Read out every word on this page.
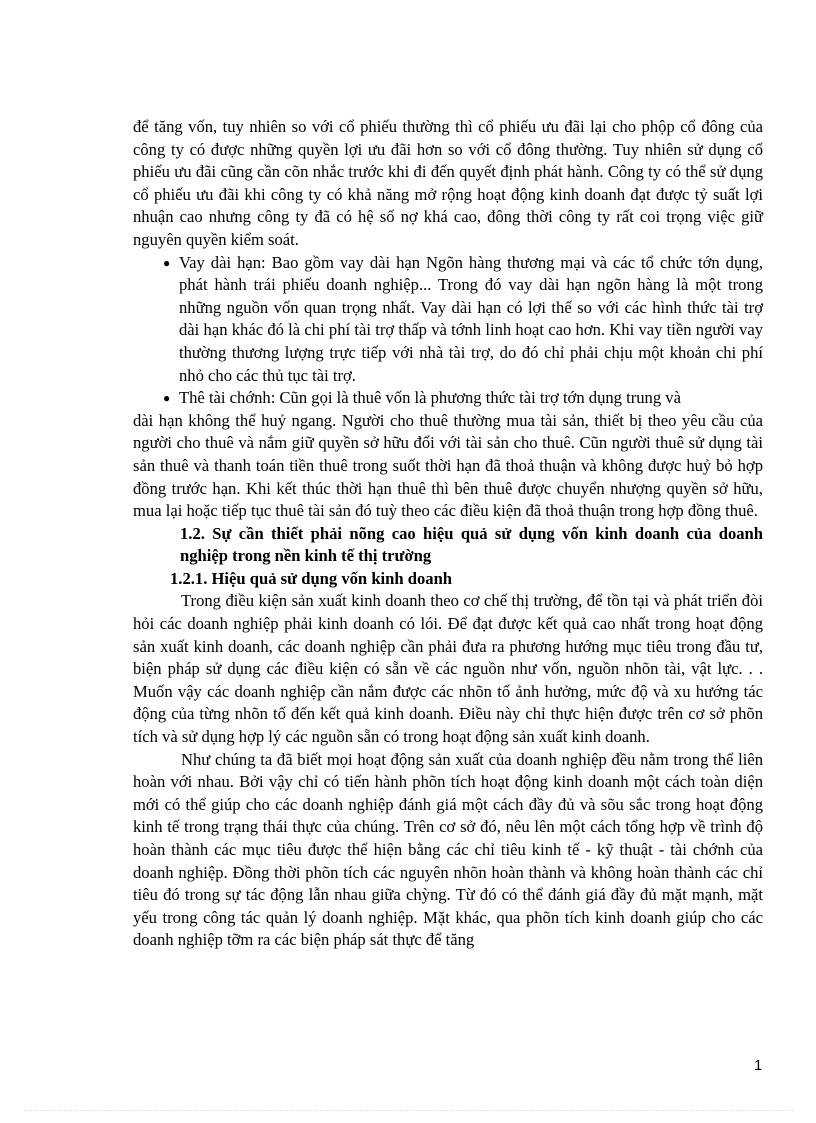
để tăng vốn, tuy nhiên so với cổ phiếu thường thì cổ phiếu ưu đãi lại cho phộp cổ đông của công ty có được những quyền lợi ưu đãi hơn so với cổ đông thường. Tuy nhiên sử dụng cổ phiếu ưu đãi cũng cần cõn nhắc trước khi đi đến quyết định phát hành. Công ty có thể sử dụng cổ phiếu ưu đãi khi công ty có khả năng mở rộng hoạt động kinh doanh đạt được tỷ suất lợi nhuận cao nhưng công ty đã có hệ số nợ khá cao, đông thời công ty rất coi trọng việc giữ nguyên quyền kiểm soát.

● Vay dài hạn: Bao gồm vay dài hạn Ngõn hàng thương mại và các tổ chức tớn dụng, phát hành trái phiếu doanh nghiệp... Trong đó vay dài hạn ngõn hàng là một trong những nguồn vốn quan trọng nhất. Vay dài hạn có lợi thế so với các hình thức tài trợ dài hạn khác đó là chi phí tài trợ thấp và tớnh linh hoạt cao hơn. Khi vay tiền người vay thường thương lượng trực tiếp với nhà tài trợ, do đó chỉ phải chịu một khoản chi phí nhỏ cho các thủ tục tài trợ.

● Thê tài chớnh: Cũn gọi là thuê vốn là phương thức tài trợ tớn dụng trung và

dài hạn không thể huỷ ngang. Người cho thuê thường mua tài sản, thiết bị theo yêu cầu của người cho thuê và nắm giữ quyền sở hữu đối với tài sản cho thuê. Cũn người thuê sử dụng tài sản thuê và thanh toán tiền thuê trong suốt thời hạn đã thoả thuận và không được huỷ bỏ hợp đồng trước hạn. Khi kết thúc thời hạn thuê thì bên thuê được chuyển nhượng quyền sở hữu, mua lại hoặc tiếp tục thuê tài sản đó tuỳ theo các điều kiện đã thoả thuận trong hợp đồng thuê.

1.2. Sự cần thiết phải nõng cao hiệu quả sử dụng vốn kinh doanh của doanh nghiệp trong nền kinh tế thị trường

1.2.1. Hiệu quả sử dụng vốn kinh doanh

Trong điều kiện sản xuất kinh doanh theo cơ chế thị trường, để tồn tại và phát triển đòi hỏi các doanh nghiệp phải kinh doanh có lói. Để đạt được kết quả cao nhất trong hoạt động sản xuất kinh doanh, các doanh nghiệp cần phải đưa ra phương hướng mục tiêu trong đầu tư, biện pháp sử dụng các điều kiện có sẵn về các nguồn như vốn, nguồn nhõn tài, vật lực. . . Muốn vậy các doanh nghiệp cần nắm được các nhõn tố ảnh hưởng, mức độ và xu hướng tác động của từng nhõn tố đến kết quả kinh doanh. Điều này chỉ thực hiện được trên cơ sở phõn tích và sử dụng hợp lý các nguồn sẵn có trong hoạt động sản xuất kinh doanh.

Như chúng ta đã biết mọi hoạt động sản xuất của doanh nghiệp đều nằm trong thể liên hoàn với nhau. Bởi vậy chỉ có tiến hành phõn tích hoạt động kinh doanh một cách toàn diện mới có thể giúp cho các doanh nghiệp đánh giá một cách đầy đủ và sõu sắc trong hoạt động kinh tế trong trạng thái thực của chúng. Trên cơ sở đó, nêu lên một cách tổng hợp về trình độ hoàn thành các mục tiêu được thể hiện bằng các chỉ tiêu kinh tế - kỹ thuật - tài chớnh của doanh nghiệp. Đồng thời phõn tích các nguyên nhõn hoàn thành và không hoàn thành các chỉ tiêu đó trong sự tác động lẫn nhau giữa chỳng. Từ đó có thể đánh giá đầy đủ mặt mạnh, mặt yếu trong công tác quản lý doanh nghiệp. Mặt khác, qua phõn tích kinh doanh giúp cho các doanh nghiệp tỡm ra các biện pháp sát thực để tăng

1
